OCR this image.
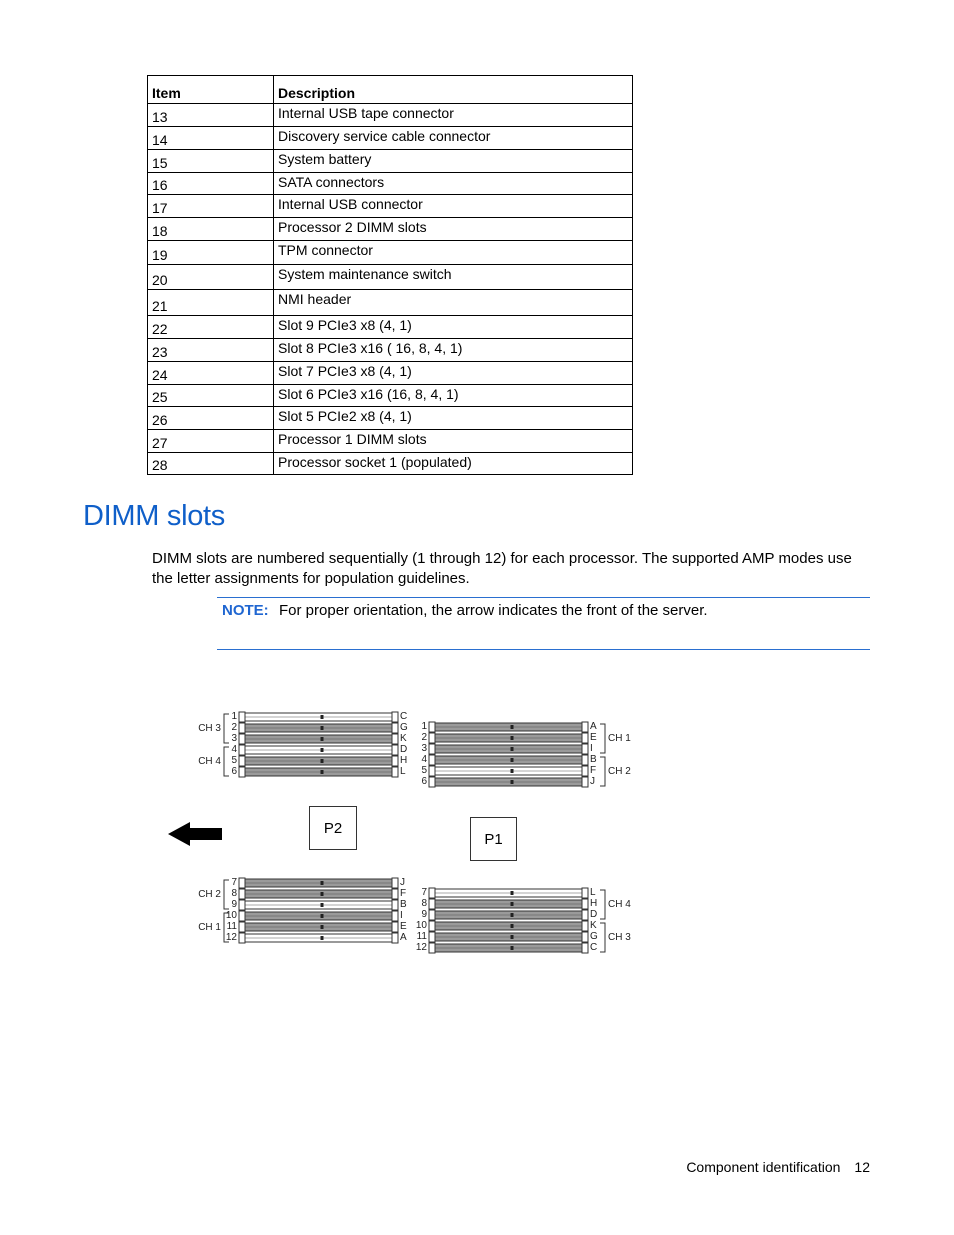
Item	Description
13	Internal USB tape connector
14	Discovery service cable connector
15	System battery
16	SATA connectors
17	Internal USB connector
18	Processor 2 DIMM slots
19	TPM connector
20	System maintenance switch
21	NMI header
22	Slot 9 PCIe3 x8 (4, 1)
23	Slot 8 PCIe3 x16 ( 16, 8, 4, 1)
24	Slot 7 PCIe3 x8 (4, 1)
25	Slot 6 PCIe3 x16 (16, 8, 4, 1)
26	Slot 5 PCIe2 x8 (4, 1)
27	Processor 1 DIMM slots
28	Processor socket 1 (populated)
DIMM slots

DIMM slots are numbered sequentially (1 through 12) for each processor. The supported AMP modes use the letter assignments for population guidelines.

NOTE: For proper orientation, the arrow indicates the front of the server.
1	C
2	G
3	K
4	D
5	H
6	L
CH 3
CH 4
1	A
2	E
3	I
4	B
5	F
6	J
CH 1
CH 2
7	J
8	F
9	B
10	I
11	E
12	A
CH 2
CH 1
7	L
8	H
9	D
10	K
11	G
12	C
CH 4
CH 3
P2
P1
Component identification 12
